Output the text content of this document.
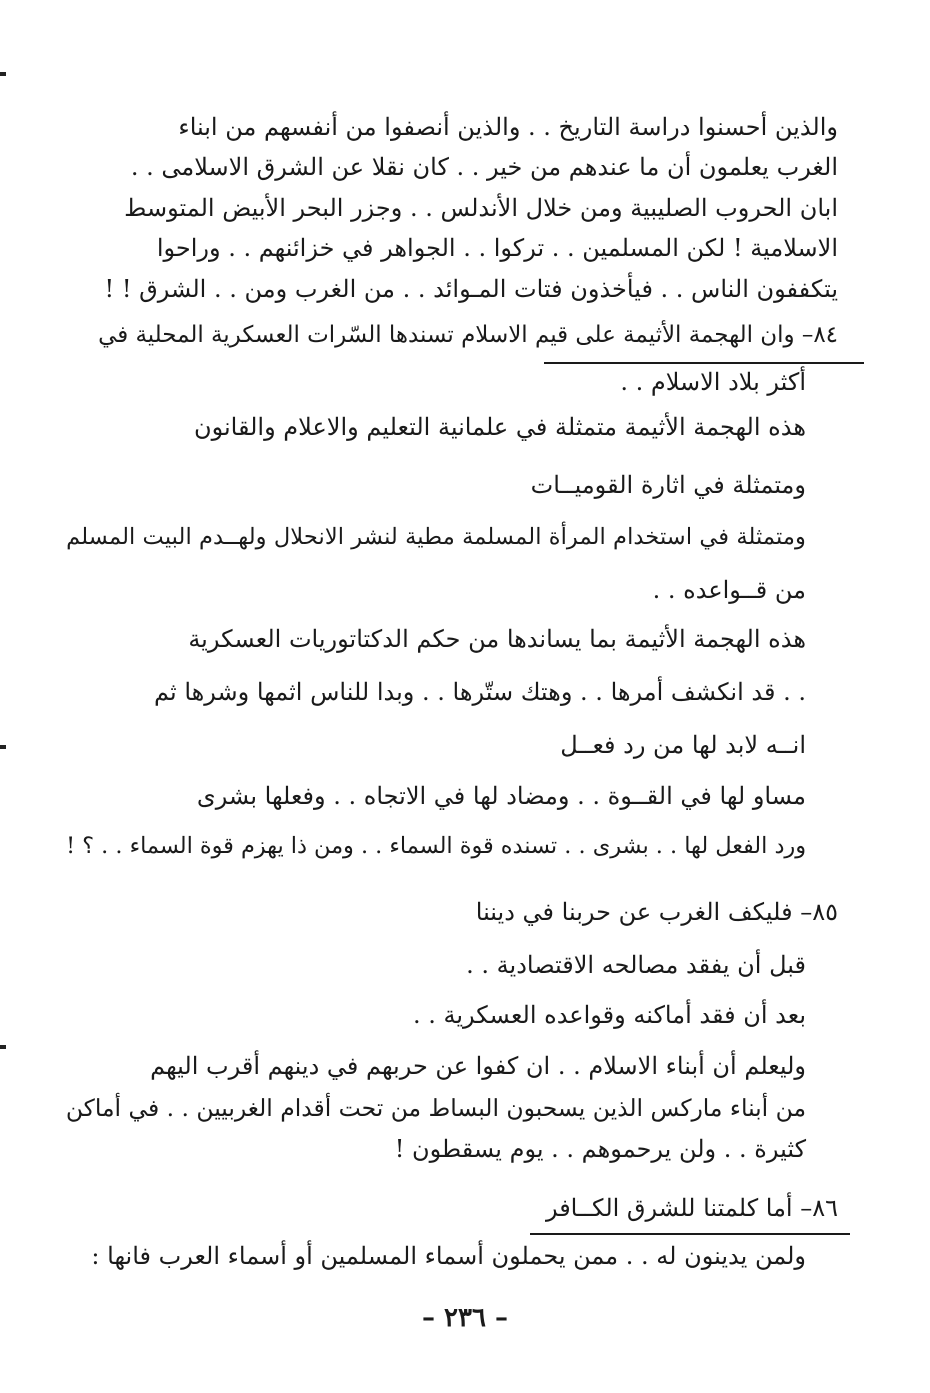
والذين أحسنوا دراسة التاريخ . . والذين أنصفوا من أنفسهم من ابناء
الغرب يعلمون أن ما عندهم من خير . . كان نقلا عن الشرق الاسلامى . .
ابان الحروب الصليبية ومن خلال الأندلس . . وجزر البحر الأبيض المتوسط
الاسلامية ! لكن المسلمين . . تركوا . . الجواهر في خزائنهم . . وراحوا
يتكففون الناس . . فيأخذون فتات المـوائد . . من الغرب ومن . . الشرق ! !
٨٤– وان الهجمة الأثيمة على قيم الاسلام تسندها السّرات العسكرية المحلية في
أكثر بلاد الاسلام . .
هذه الهجمة الأثيمة متمثلة في علمانية التعليم والاعلام والقانون
ومتمثلة في اثارة القوميــات
ومتمثلة في استخدام المرأة المسلمة مطية لنشر الانحلال ولهــدم البيت المسلم
من قــواعده . .
هذه الهجمة الأثيمة بما يساندها من حكم الدكتاتوريات العسكرية
. . قد انكشف أمرها . . وهتك ستّرها . . وبدا للناس اثمها وشرها ثم
انــه لابد لها من رد فعــل
مساو لها في القــوة . . ومضاد لها في الاتجاه . . وفعلها بشرى
ورد الفعل لها . . بشرى . . تسنده قوة السماء . . ومن ذا يهزم قوة السماء . . ؟ !
٨٥– فليكف الغرب عن حربنا في ديننا
قبل أن يفقد مصالحه الاقتصادية . .
بعد أن فقد أماكنه وقواعده العسكرية . .
وليعلم أن أبناء الاسلام . . ان كفوا عن حربهم في دينهم أقرب اليهم
من أبناء ماركس الذين يسحبون البساط من تحت أقدام الغربيين . . في أماكن
كثيرة . . ولن يرحموهم . . يوم يسقطون !
٨٦– أما كلمتنا للشرق الكــافر
ولمن يدينون له . . ممن يحملون أسماء المسلمين أو أسماء العرب فانها :
– ٢٣٦ –
